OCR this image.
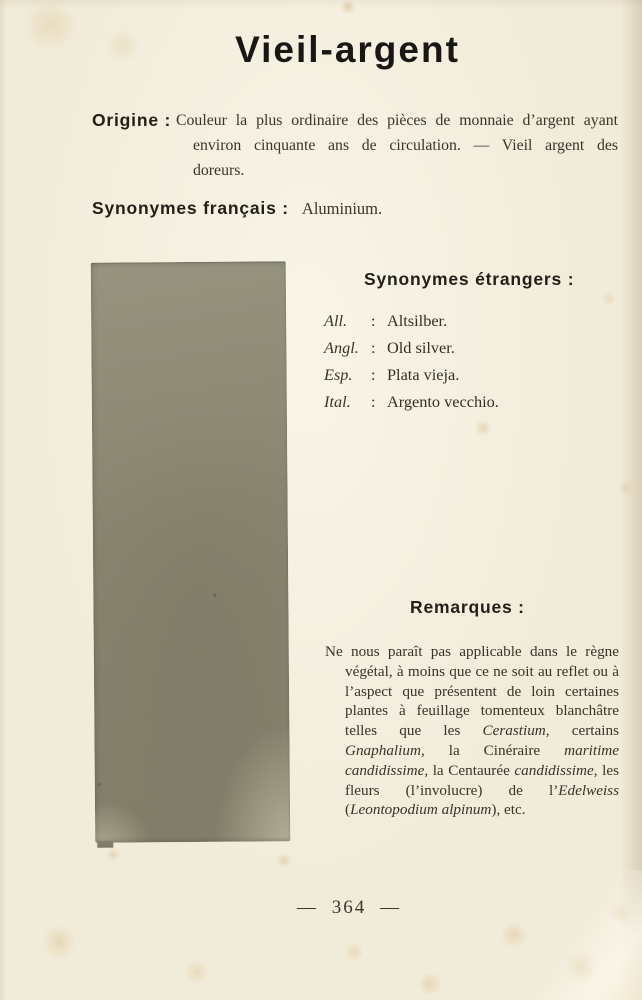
Vieil-argent
Origine : Couleur la plus ordinaire des pièces de monnaie d’argent ayant environ cinquante ans de circulation. — Vieil argent des doreurs.
Synonymes français : Aluminium.
Synonymes étrangers :
All.	: Altsilber.
Angl. : Old silver.
Esp.	: Plata vieja.
Ital.	: Argento vecchio.
Remarques :

Ne nous paraît pas applicable dans le règne végétal, à moins que ce ne soit au reflet ou à l’aspect que présentent de loin certaines plantes à feuillage tomenteux blanchâtre telles que les Cerastium, certains Gnaphalium, la Cinéraire maritime candidissime, la Centaurée candidissime, les fleurs (l’involucre) de l’Edelweiss (Leontopodium alpinum), etc.

— 364 —
